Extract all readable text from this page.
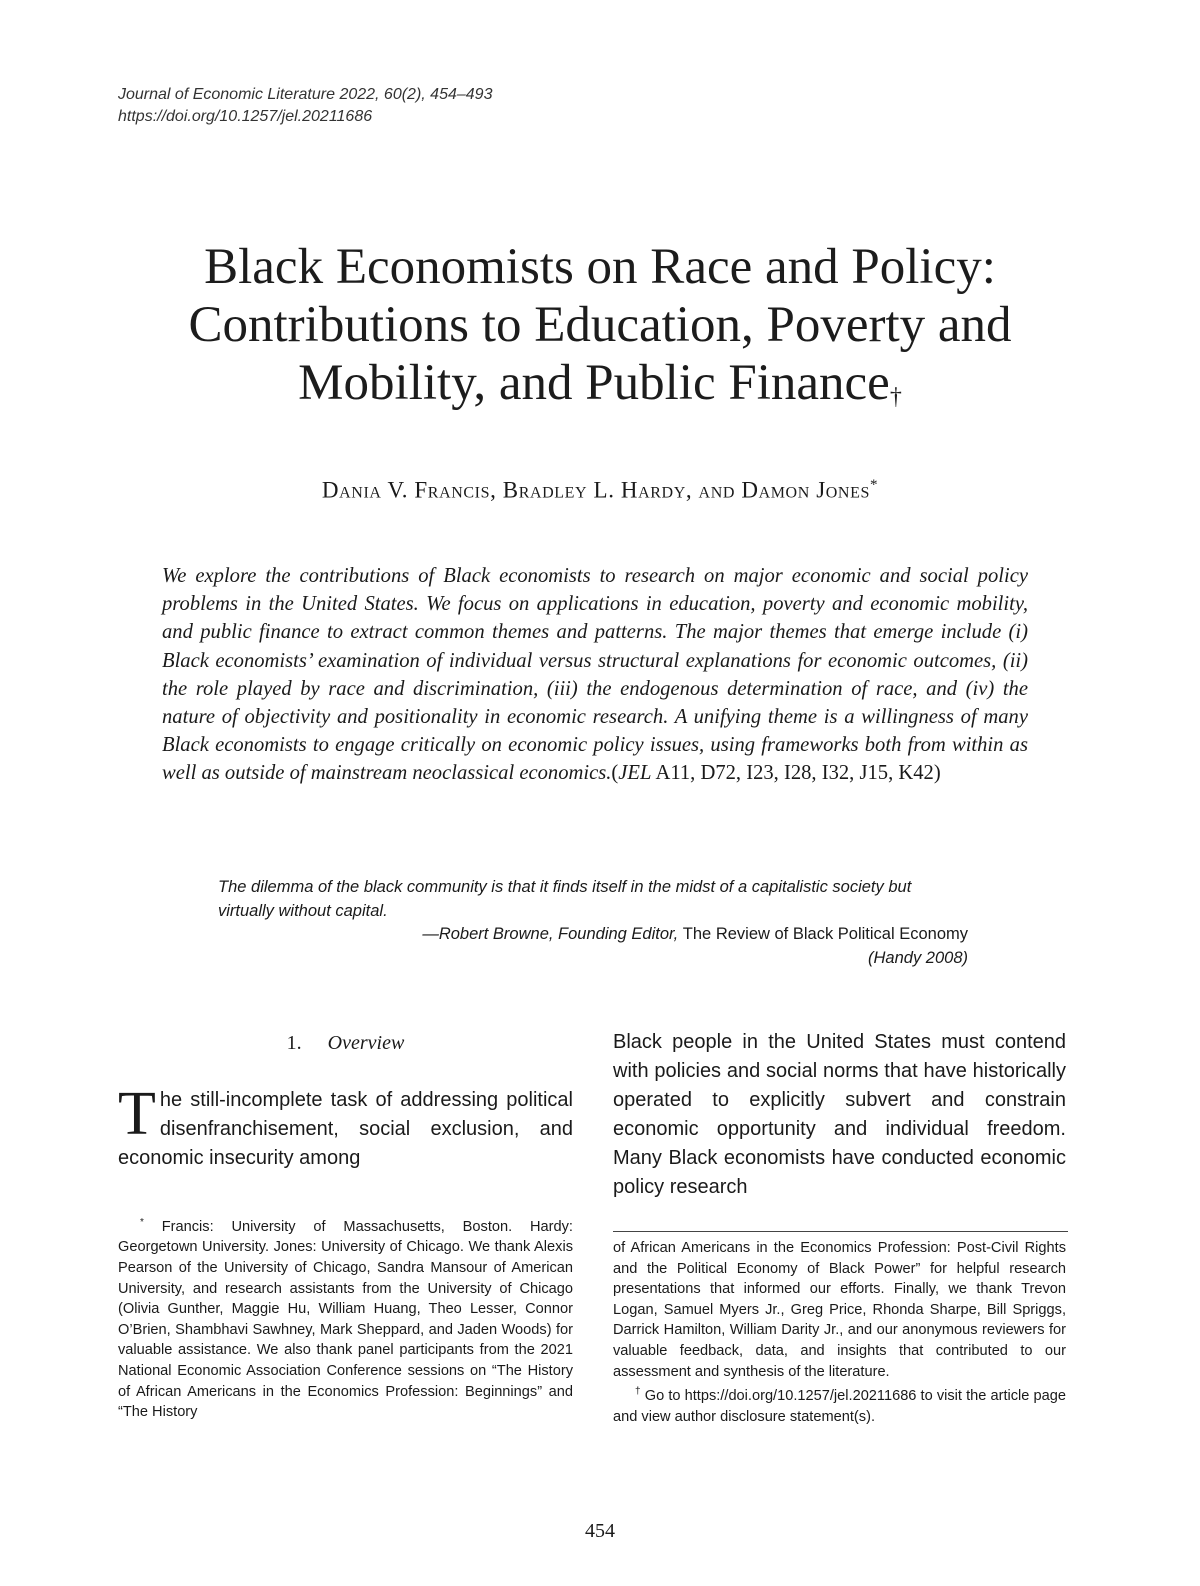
Journal of Economic Literature 2022, 60(2), 454–493
https://doi.org/10.1257/jel.20211686
Black Economists on Race and Policy:
Contributions to Education, Poverty and
Mobility, and Public Finance†
Dania V. Francis, Bradley L. Hardy, and Damon Jones*
We explore the contributions of Black economists to research on major economic and social policy problems in the United States. We focus on applications in education, poverty and economic mobility, and public finance to extract common themes and patterns. The major themes that emerge include (i) Black economists’ examination of individual versus structural explanations for economic outcomes, (ii) the role played by race and discrimination, (iii) the endogenous determination of race, and (iv) the nature of objectivity and positionality in economic research. A unifying theme is a willingness of many Black economists to engage critically on economic policy issues, using frameworks both from within as well as outside of mainstream neoclassical economics.(JEL A11, D72, I23, I28, I32, J15, K42)
The dilemma of the black community is that it finds itself in the midst of a capitalistic society but virtually without capital.
—Robert Browne, Founding Editor, The Review of Black Political Economy
(Handy 2008)
1. Overview
The still-incomplete task of addressing political disenfranchisement, social exclusion, and economic insecurity among
Black people in the United States must contend with policies and social norms that have historically operated to explicitly subvert and constrain economic opportunity and individual freedom. Many Black economists have conducted economic policy research
* Francis: University of Massachusetts, Boston. Hardy: Georgetown University. Jones: University of Chicago. We thank Alexis Pearson of the University of Chicago, Sandra Mansour of American University, and research assistants from the University of Chicago (Olivia Gunther, Maggie Hu, William Huang, Theo Lesser, Connor O’Brien, Shambhavi Sawhney, Mark Sheppard, and Jaden Woods) for valuable assistance. We also thank panel participants from the 2021 National Economic Association Conference sessions on “The History of African Americans in the Economics Profession: Beginnings” and “The History
of African Americans in the Economics Profession: Post-Civil Rights and the Political Economy of Black Power” for helpful research presentations that informed our efforts. Finally, we thank Trevon Logan, Samuel Myers Jr., Greg Price, Rhonda Sharpe, Bill Spriggs, Darrick Hamilton, William Darity Jr., and our anonymous reviewers for valuable feedback, data, and insights that contributed to our assessment and synthesis of the literature.
† Go to https://doi.org/10.1257/jel.20211686 to visit the article page and view author disclosure statement(s).
454
